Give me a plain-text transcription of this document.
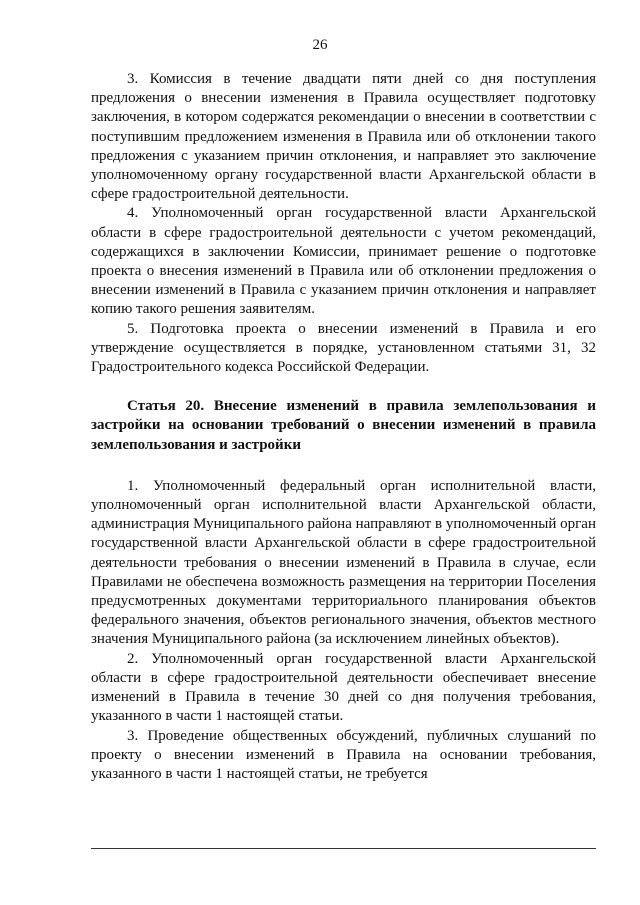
26

3. Комиссия в течение двадцати пяти дней со дня поступления предложения о внесении изменения в Правила осуществляет подготовку заключения, в котором содержатся рекомендации о внесении в соответствии с поступившим предложением изменения в Правила или об отклонении такого предложения с указанием причин отклонения, и направляет это заключение уполномоченному органу государственной власти Архангельской области в сфере градостроительной деятельности.

4. Уполномоченный орган государственной власти Архангельской области в сфере градостроительной деятельности с учетом рекомендаций, содержащихся в заключении Комиссии, принимает решение о подготовке проекта о внесения изменений в Правила или об отклонении предложения о внесении изменений в Правила с указанием причин отклонения и направляет копию такого решения заявителям.

5. Подготовка проекта о внесении изменений в Правила и его утверждение осуществляется в порядке, установленном статьями 31, 32 Градостроительного кодекса Российской Федерации.

Статья 20. Внесение изменений в правила землепользования и застройки на основании требований о внесении изменений в правила землепользования и застройки

1. Уполномоченный федеральный орган исполнительной власти, уполномоченный орган исполнительной власти Архангельской области, администрация Муниципального района направляют в уполномоченный орган государственной власти Архангельской области в сфере градостроительной деятельности требования о внесении изменений в Правила в случае, если Правилами не обеспечена возможность размещения на территории Поселения предусмотренных документами территориального планирования объектов федерального значения, объектов регионального значения, объектов местного значения Муниципального района (за исключением линейных объектов).

2. Уполномоченный орган государственной власти Архангельской области в сфере градостроительной деятельности обеспечивает внесение изменений в Правила в течение 30 дней со дня получения требования, указанного в части 1 настоящей статьи.

3. Проведение общественных обсуждений, публичных слушаний по проекту о внесении изменений в Правила на основании требования, указанного в части 1 настоящей статьи, не требуется
